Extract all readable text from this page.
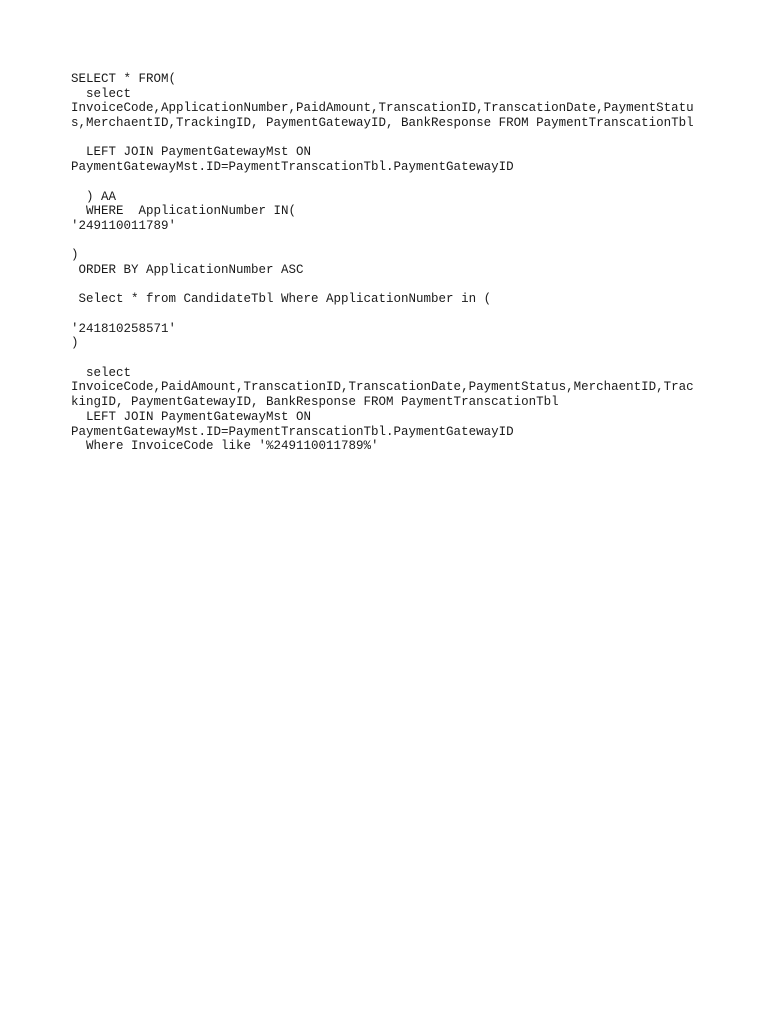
SELECT * FROM(
select
InvoiceCode,ApplicationNumber,PaidAmount,TranscationID,TranscationDate,PaymentStatu
s,MerchaentID,TrackingID, PaymentGatewayID, BankResponse FROM PaymentTranscationTbl
LEFT JOIN PaymentGatewayMst ON
PaymentGatewayMst.ID=PaymentTranscationTbl.PaymentGatewayID
) AA
WHERE  ApplicationNumber IN(
'249110011789'
)
ORDER BY ApplicationNumber ASC
Select * from CandidateTbl Where ApplicationNumber in (
'241810258571'
)
select
InvoiceCode,PaidAmount,TranscationID,TranscationDate,PaymentStatus,MerchaentID,Trac
kingID, PaymentGatewayID, BankResponse FROM PaymentTranscationTbl
LEFT JOIN PaymentGatewayMst ON
PaymentGatewayMst.ID=PaymentTranscationTbl.PaymentGatewayID
Where InvoiceCode like '%249110011789%'
